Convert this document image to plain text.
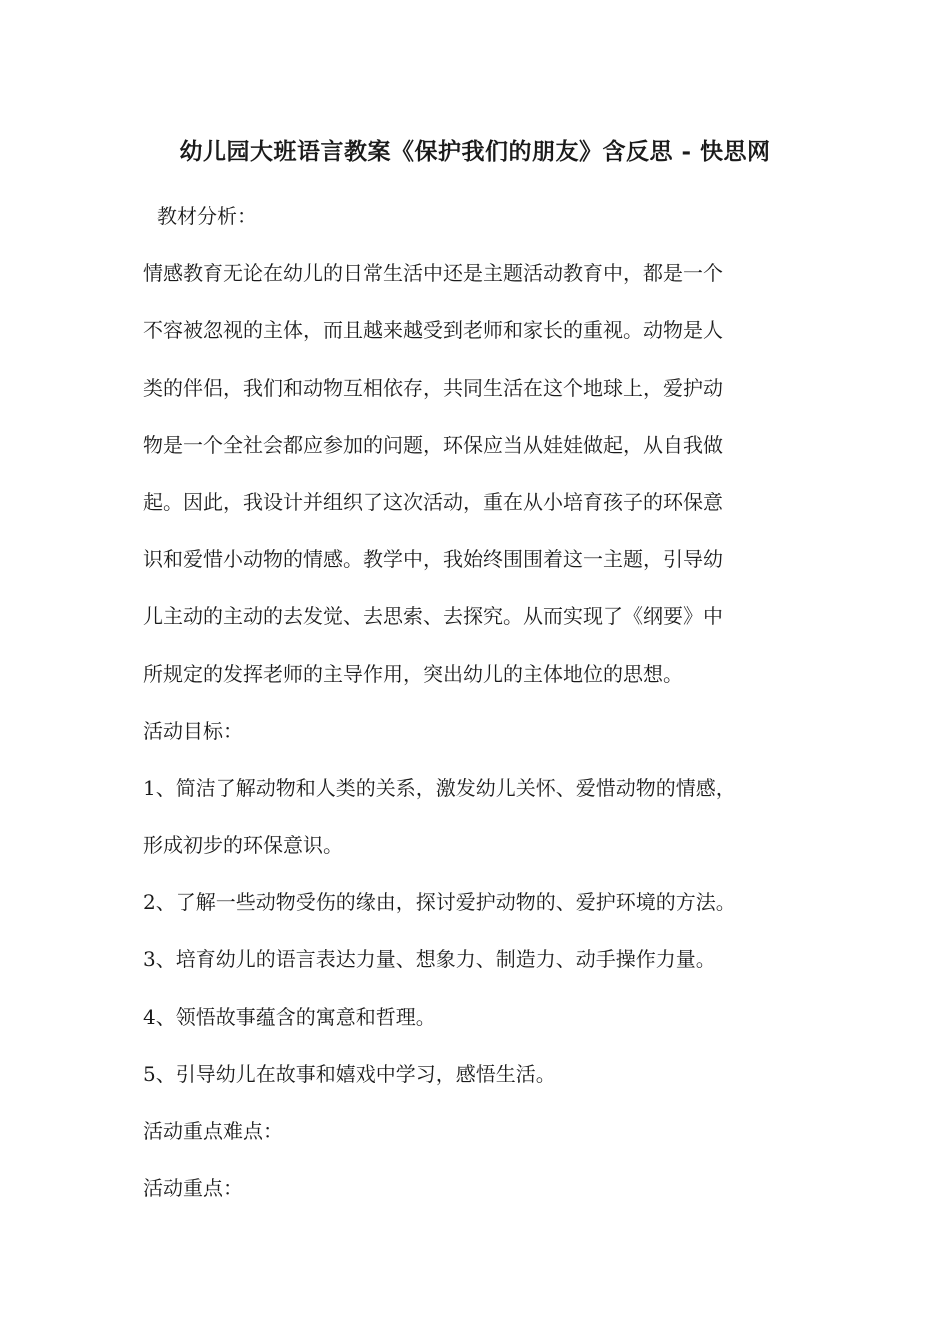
幼儿园大班语言教案《保护我们的朋友》含反思 - 快思网
教材分析：
情感教育无论在幼儿的日常生活中还是主题活动教育中，都是一个
不容被忽视的主体，而且越来越受到老师和家长的重视。动物是人
类的伴侣，我们和动物互相依存，共同生活在这个地球上，爱护动
物是一个全社会都应参加的问题，环保应当从娃娃做起，从自我做
起。因此，我设计并组织了这次活动，重在从小培育孩子的环保意
识和爱惜小动物的情感。教学中，我始终围围着这一主题，引导幼
儿主动的主动的去发觉、去思索、去探究。从而实现了《纲要》中
所规定的发挥老师的主导作用，突出幼儿的主体地位的思想。
活动目标：
1、简洁了解动物和人类的关系，激发幼儿关怀、爱惜动物的情感，
形成初步的环保意识。
2、了解一些动物受伤的缘由，探讨爱护动物的、爱护环境的方法。
3、培育幼儿的语言表达力量、想象力、制造力、动手操作力量。
4、领悟故事蕴含的寓意和哲理。
5、引导幼儿在故事和嬉戏中学习，感悟生活。
活动重点难点：
活动重点：
